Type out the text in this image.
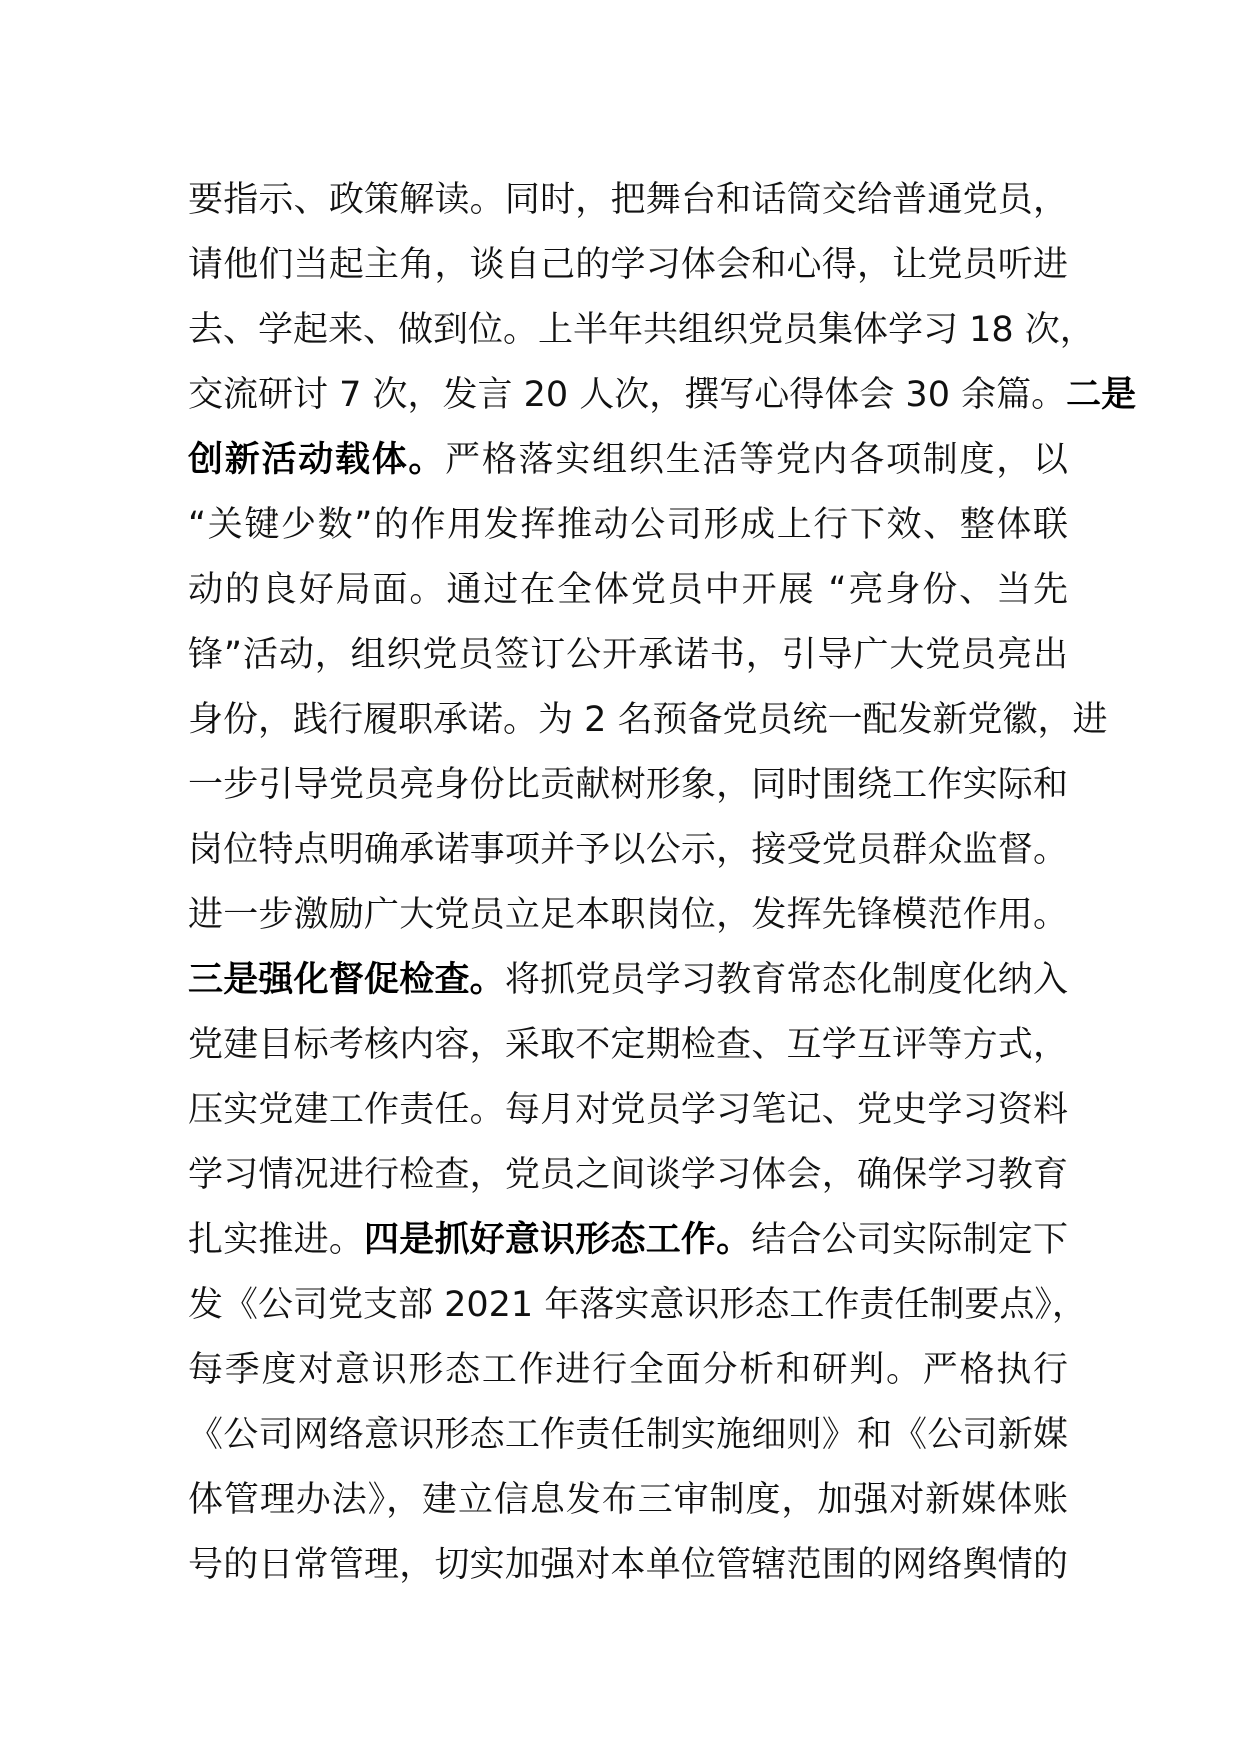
要指示、政策解读。同时，把舞台和话筒交给普通党员，
请他们当起主角，谈自己的学习体会和心得，让党员听进
去、学起来、做到位。上半年共组织党员集体学习 18 次，
交流研讨 7 次，发言 20 人次，撰写心得体会 30 余篇。二是
创新活动载体。严格落实组织生活等党内各项制度，以
“关键少数”的作用发挥推动公司形成上行下效、整体联
动的良好局面。通过在全体党员中开展 “亮身份、当先
锋”活动，组织党员签订公开承诺书，引导广大党员亮出
身份，践行履职承诺。为 2 名预备党员统一配发新党徽，进
一步引导党员亮身份比贡献树形象，同时围绕工作实际和
岗位特点明确承诺事项并予以公示，接受党员群众监督。
进一步激励广大党员立足本职岗位，发挥先锋模范作用。
三是强化督促检查。将抓党员学习教育常态化制度化纳入
党建目标考核内容，采取不定期检查、互学互评等方式，
压实党建工作责任。每月对党员学习笔记、党史学习资料
学习情况进行检查，党员之间谈学习体会，确保学习教育
扎实推进。四是抓好意识形态工作。结合公司实际制定下
发《公司党支部 2021 年落实意识形态工作责任制要点》，
每季度对意识形态工作进行全面分析和研判。严格执行
《公司网络意识形态工作责任制实施细则》和《公司新媒
体管理办法》，建立信息发布三审制度，加强对新媒体账
号的日常管理，切实加强对本单位管辖范围的网络舆情的
